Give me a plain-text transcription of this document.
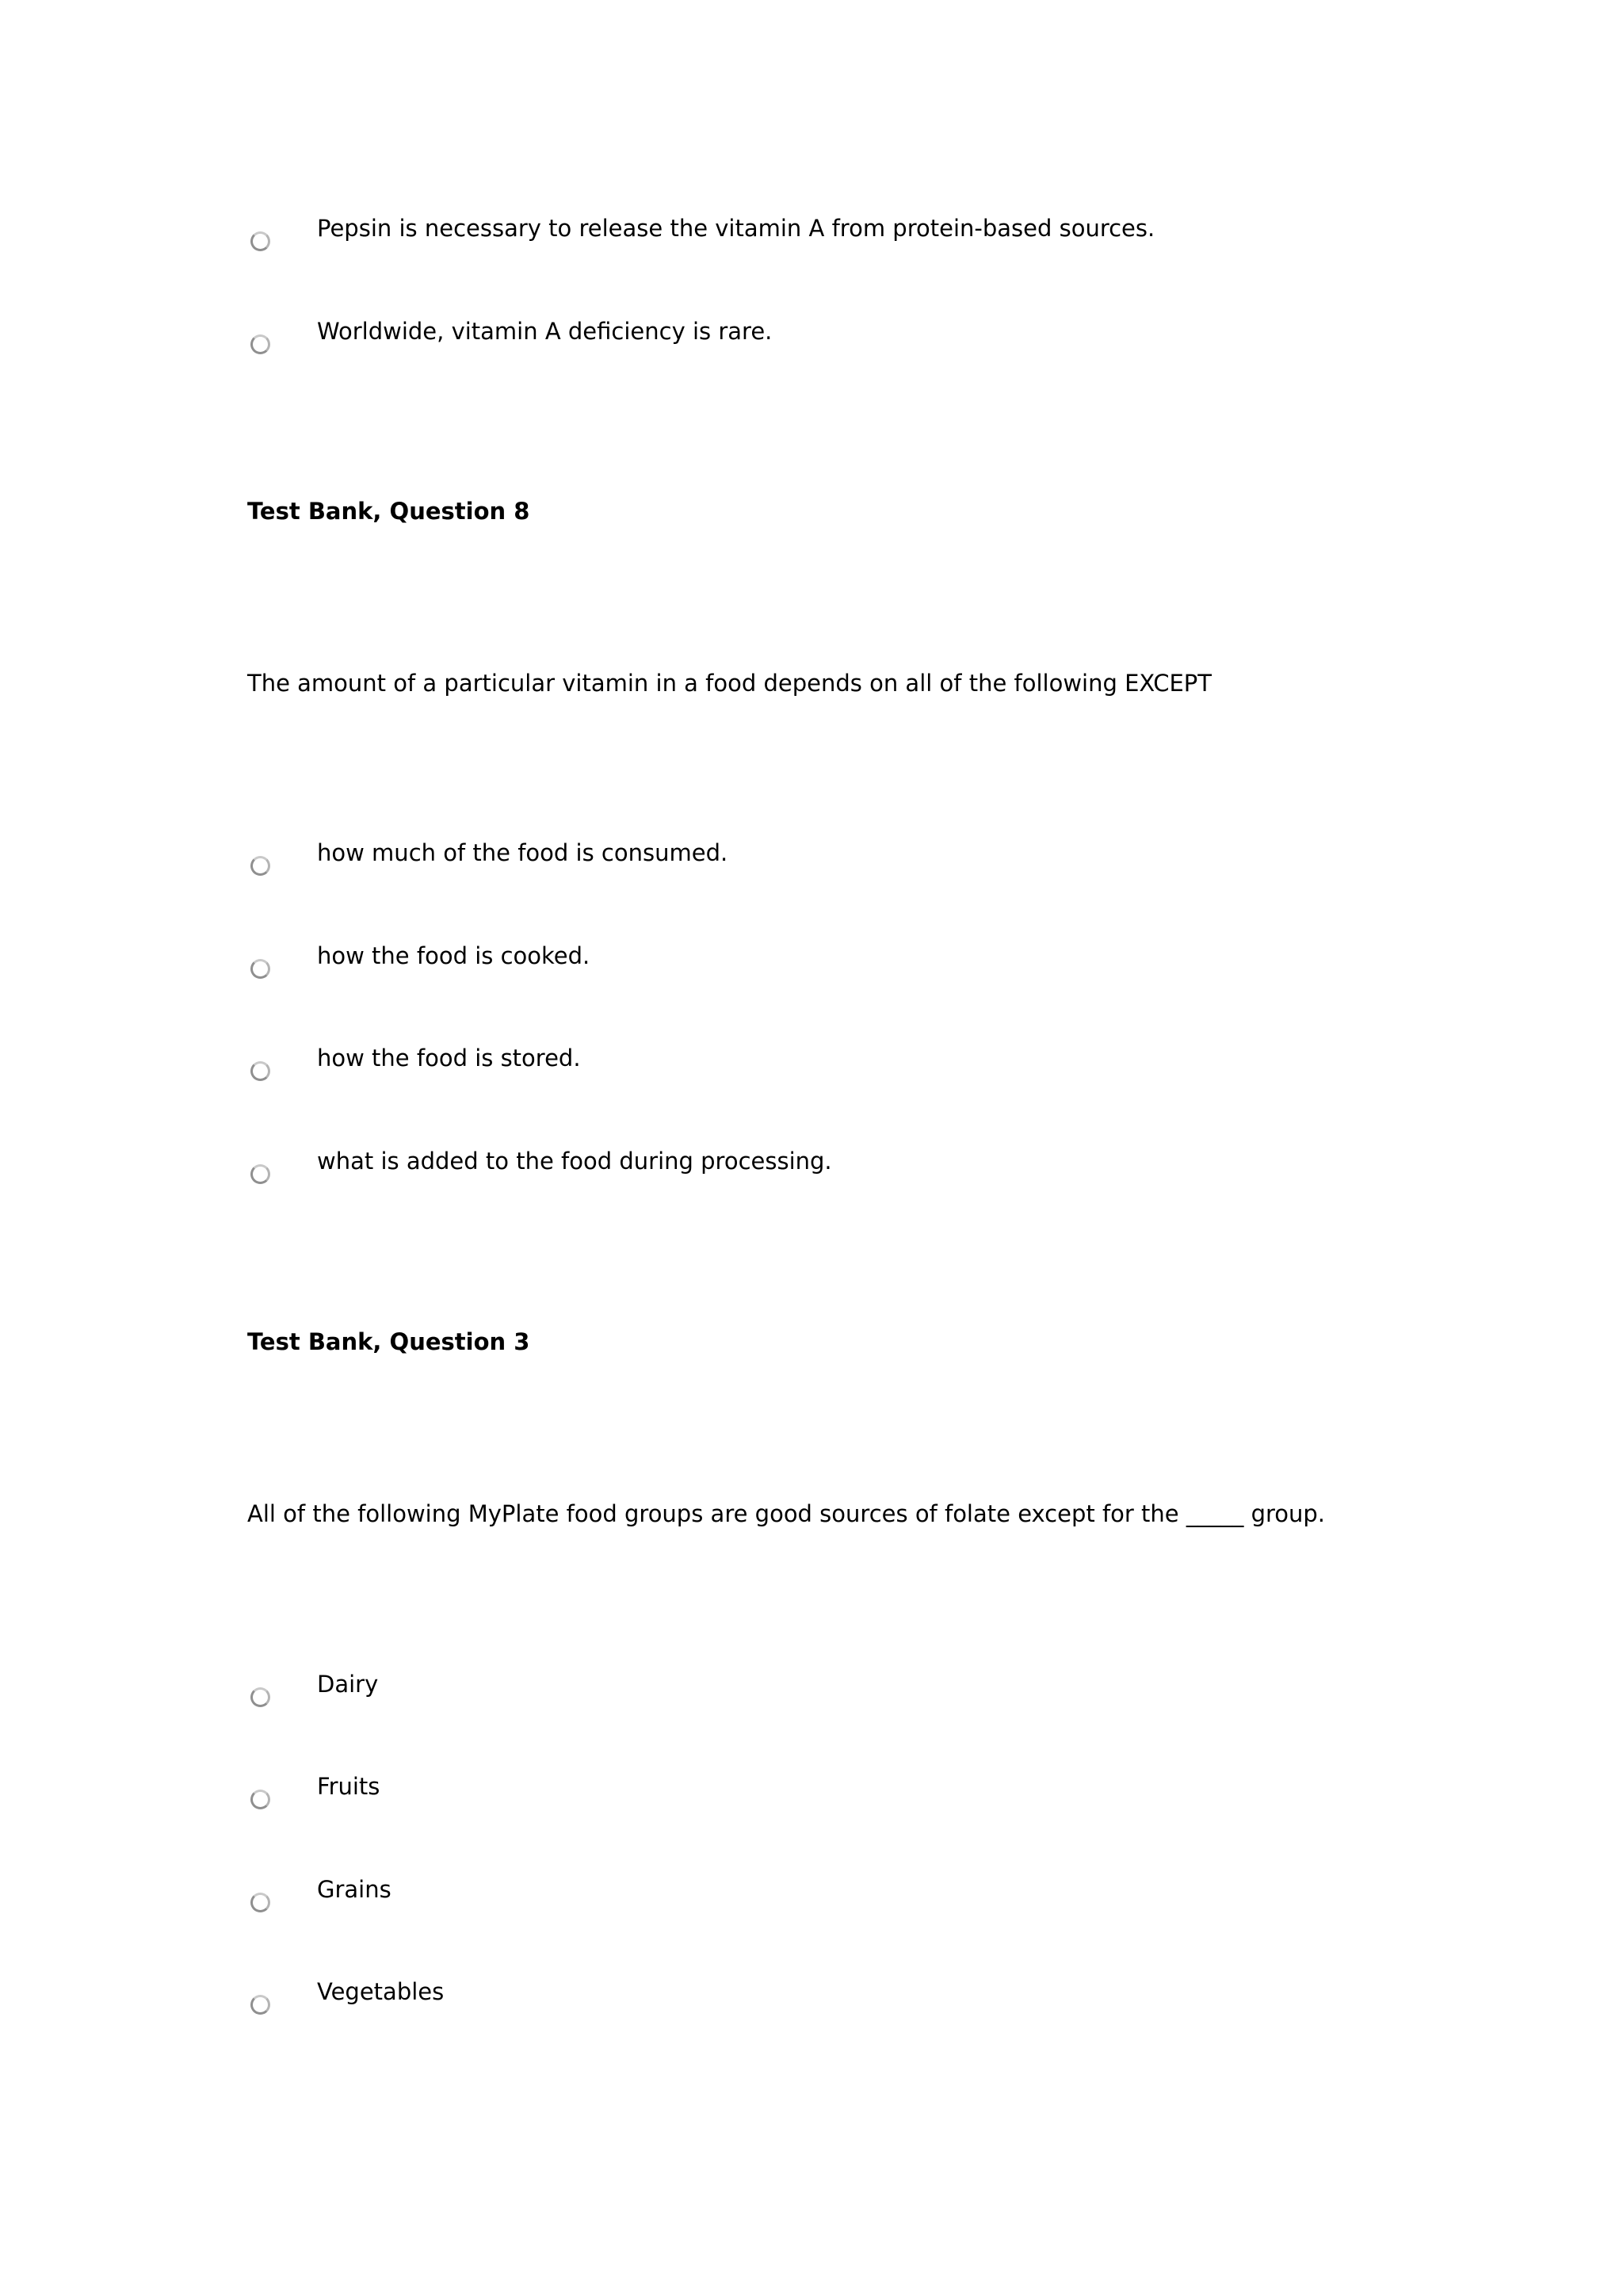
Pepsin is necessary to release the vitamin A from protein-based sources.
Worldwide, vitamin A deficiency is rare.
Test Bank, Question 8
The amount of a particular vitamin in a food depends on all of the following EXCEPT
how much of the food is consumed.
how the food is cooked.
how the food is stored.
what is added to the food during processing.
Test Bank, Question 3
All of the following MyPlate food groups are good sources of folate except for the _____ group.
Dairy
Fruits
Grains
Vegetables
